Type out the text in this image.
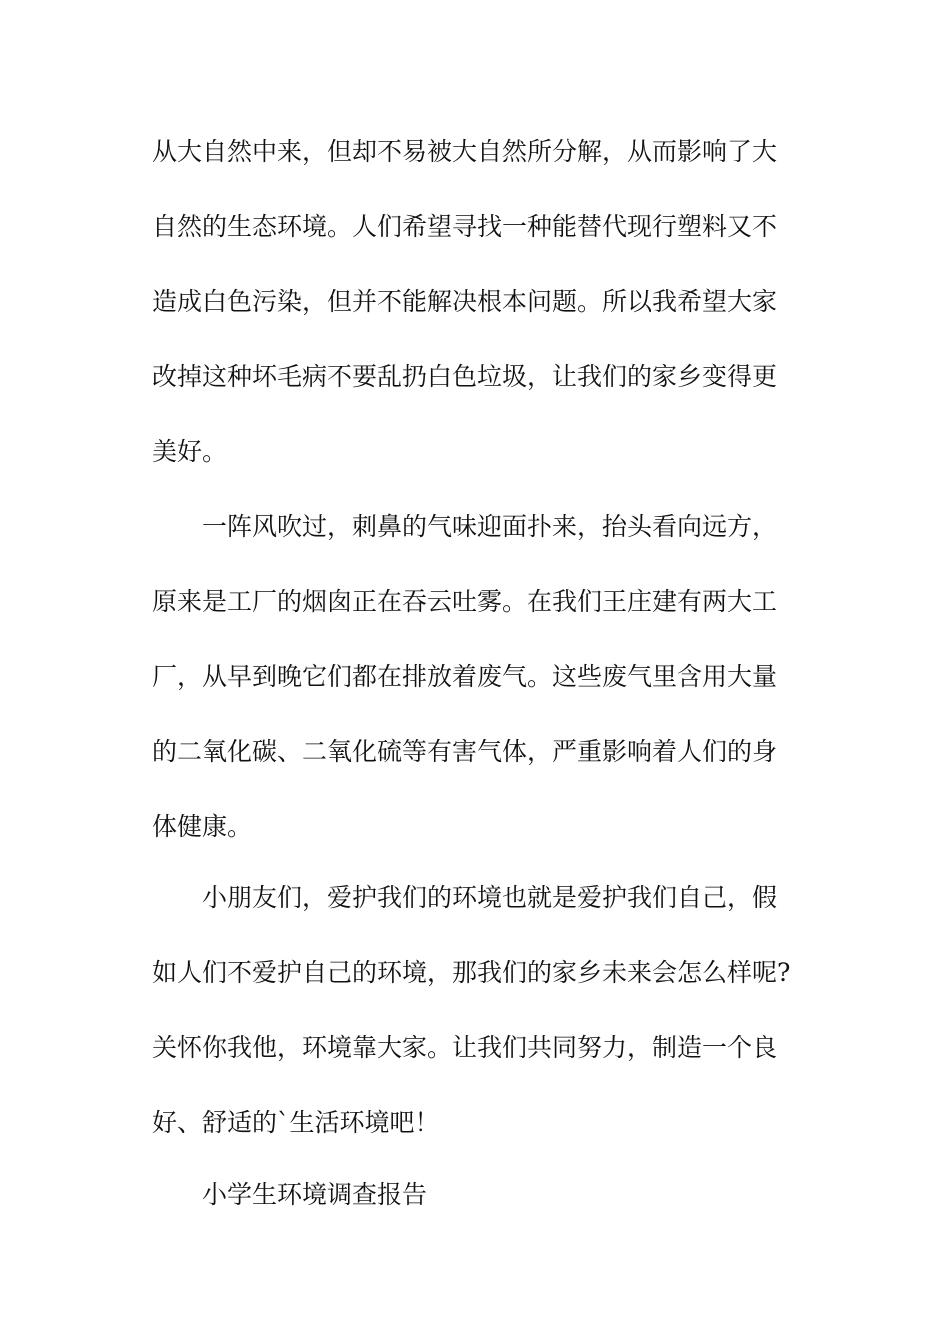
从大自然中来，但却不易被大自然所分解，从而影响了大
自然的生态环境。人们希望寻找一种能替代现行塑料又不
造成白色污染，但并不能解决根本问题。所以我希望大家
改掉这种坏毛病不要乱扔白色垃圾，让我们的家乡变得更
美好。
一阵风吹过，刺鼻的气味迎面扑来，抬头看向远方，
原来是工厂的烟囱正在吞云吐雾。在我们王庄建有两大工
厂，从早到晚它们都在排放着废气。这些废气里含用大量
的二氧化碳、二氧化硫等有害气体，严重影响着人们的身
体健康。
小朋友们，爱护我们的环境也就是爱护我们自己，假
如人们不爱护自己的环境，那我们的家乡未来会怎么样呢?
关怀你我他，环境靠大家。让我们共同努力，制造一个良
好、舒适的`生活环境吧！
小学生环境调查报告
